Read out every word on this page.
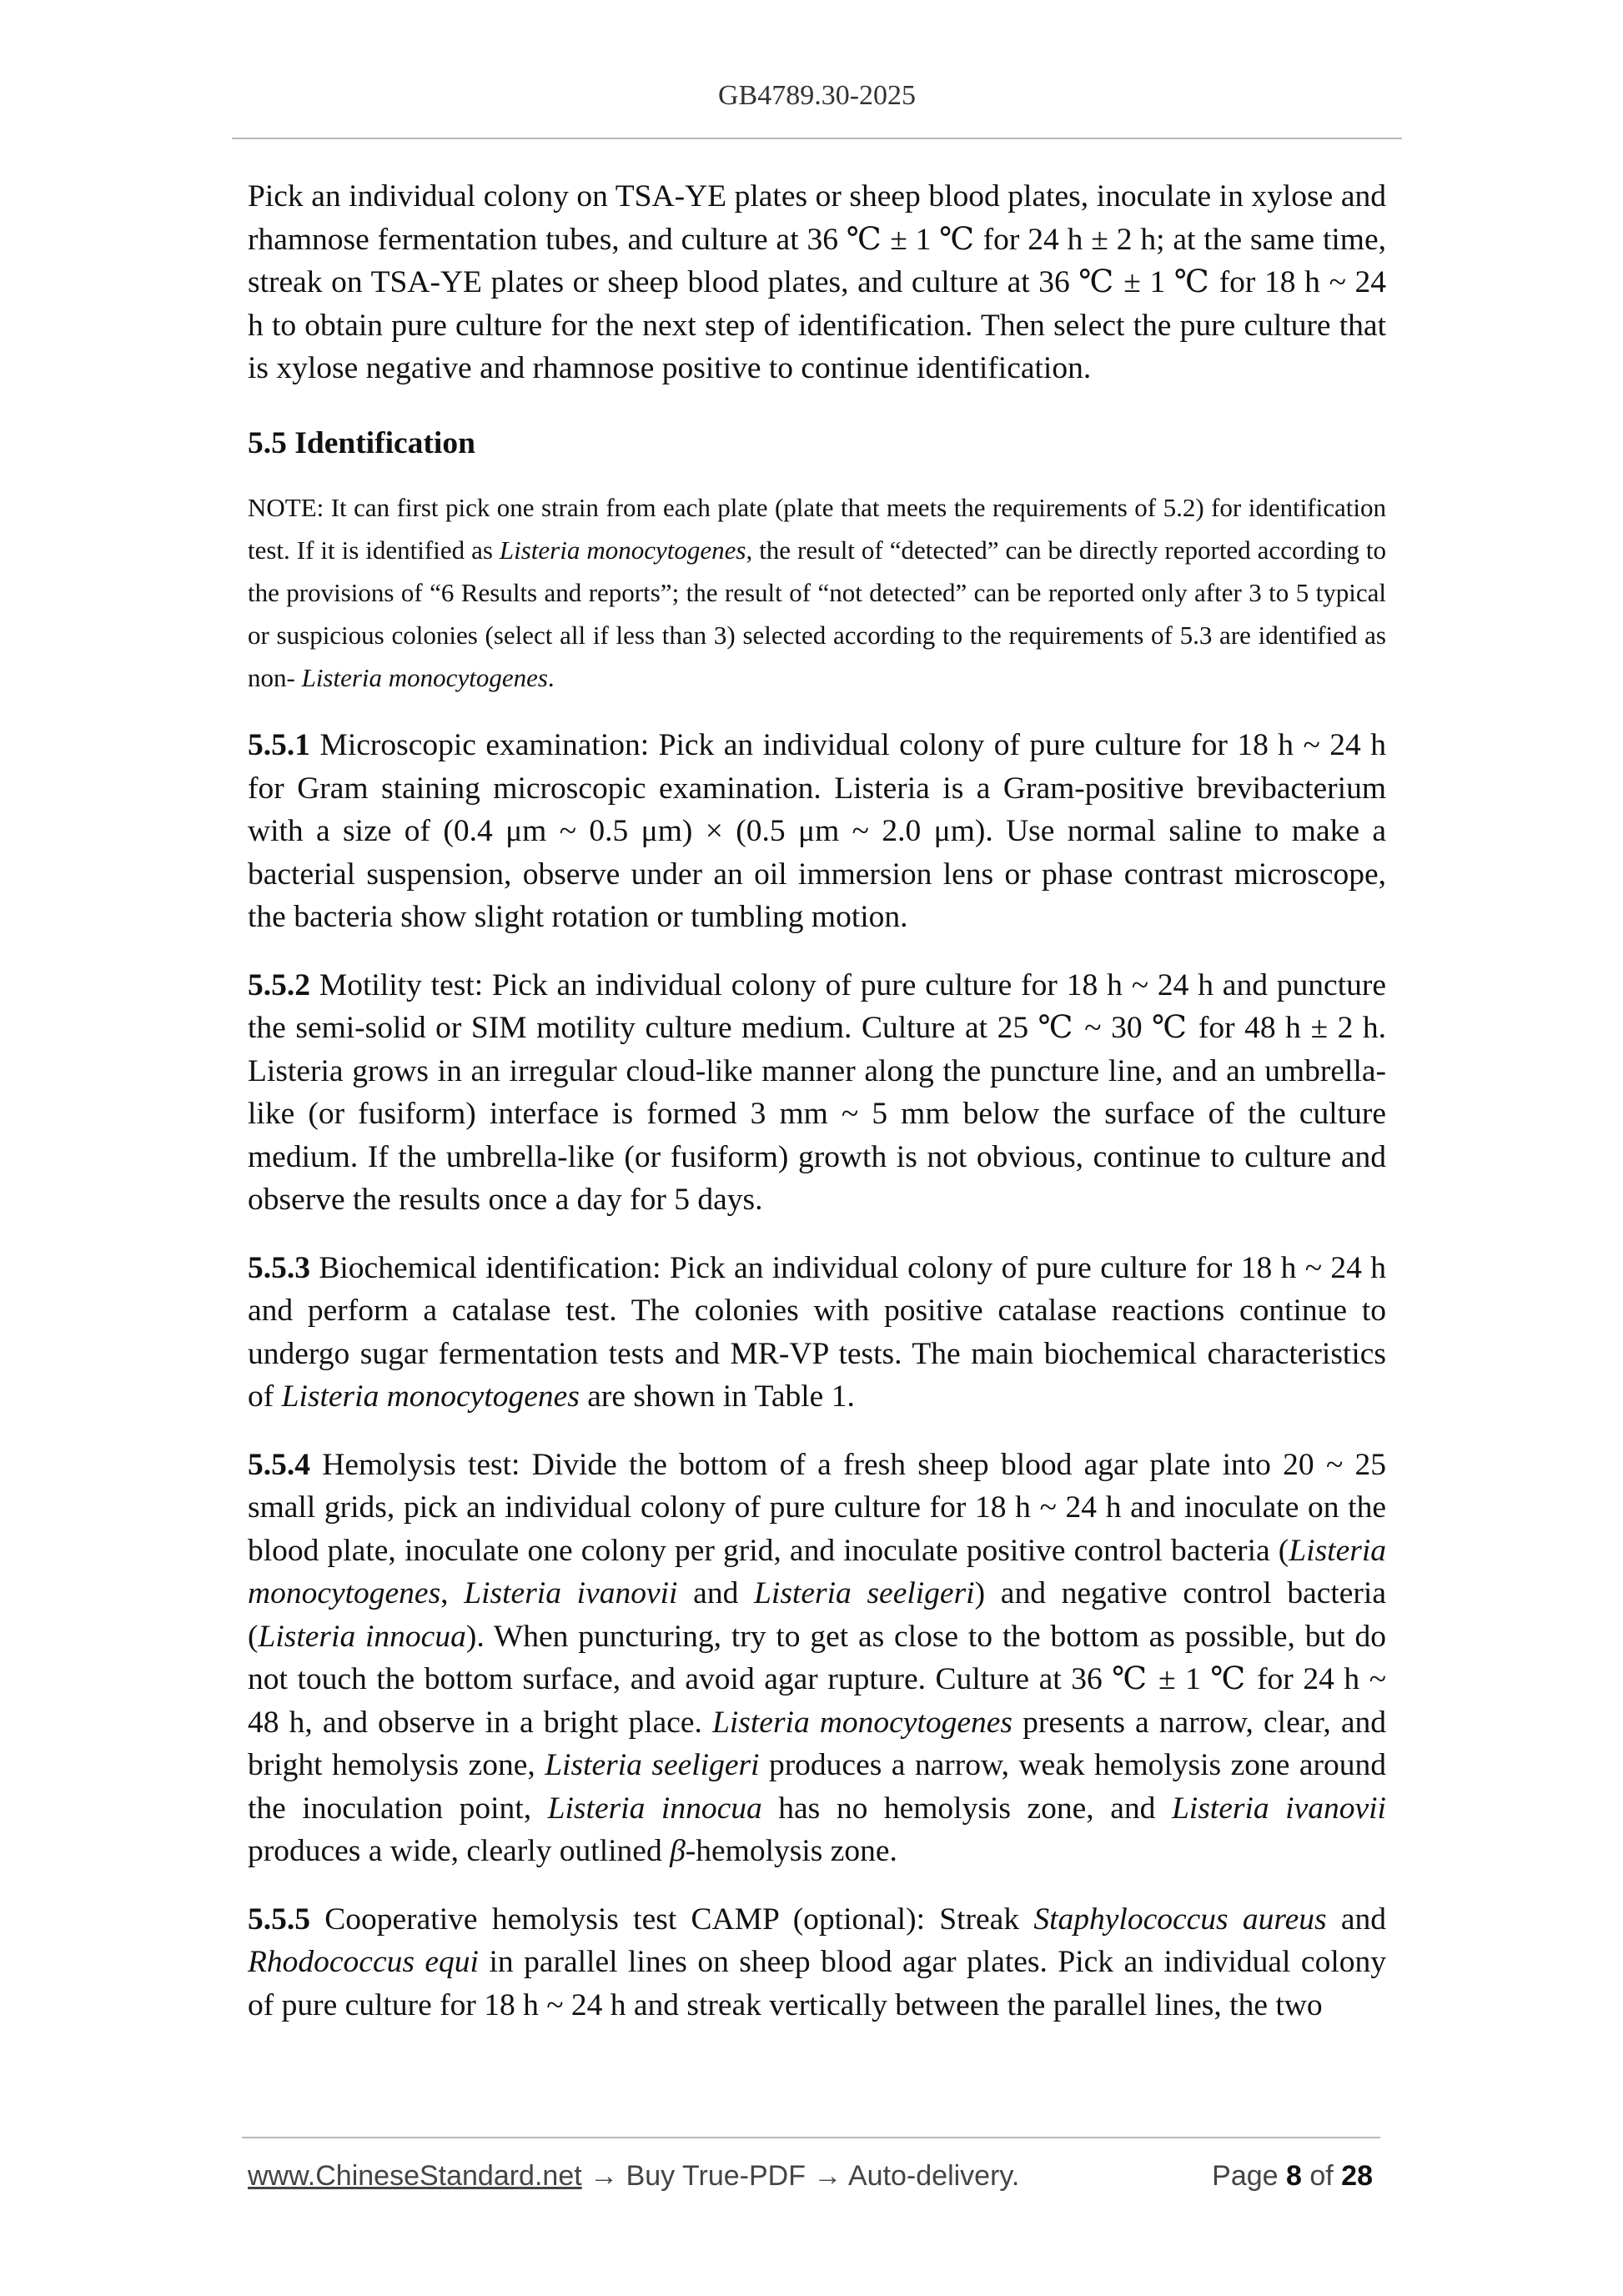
GB4789.30-2025

Pick an individual colony on TSA-YE plates or sheep blood plates, inoculate in xylose and rhamnose fermentation tubes, and culture at 36 ℃ ± 1 ℃ for 24 h ± 2 h; at the same time, streak on TSA-YE plates or sheep blood plates, and culture at 36 ℃ ± 1 ℃ for 18 h ~ 24 h to obtain pure culture for the next step of identification. Then select the pure culture that is xylose negative and rhamnose positive to continue identification.

5.5 Identification

NOTE: It can first pick one strain from each plate (plate that meets the requirements of 5.2) for identification test. If it is identified as Listeria monocytogenes, the result of “detected” can be directly reported according to the provisions of “6 Results and reports”; the result of “not detected” can be reported only after 3 to 5 typical or suspicious colonies (select all if less than 3) selected according to the requirements of 5.3 are identified as non- Listeria monocytogenes.

5.5.1 Microscopic examination: Pick an individual colony of pure culture for 18 h ~ 24 h for Gram staining microscopic examination. Listeria is a Gram-positive brevibacterium with a size of (0.4 μm ~ 0.5 μm) × (0.5 μm ~ 2.0 μm). Use normal saline to make a bacterial suspension, observe under an oil immersion lens or phase contrast microscope, the bacteria show slight rotation or tumbling motion.

5.5.2 Motility test: Pick an individual colony of pure culture for 18 h ~ 24 h and puncture the semi-solid or SIM motility culture medium. Culture at 25 ℃ ~ 30 ℃ for 48 h ± 2 h. Listeria grows in an irregular cloud-like manner along the puncture line, and an umbrella-like (or fusiform) interface is formed 3 mm ~ 5 mm below the surface of the culture medium. If the umbrella-like (or fusiform) growth is not obvious, continue to culture and observe the results once a day for 5 days.

5.5.3 Biochemical identification: Pick an individual colony of pure culture for 18 h ~ 24 h and perform a catalase test. The colonies with positive catalase reactions continue to undergo sugar fermentation tests and MR-VP tests. The main biochemical characteristics of Listeria monocytogenes are shown in Table 1.

5.5.4 Hemolysis test: Divide the bottom of a fresh sheep blood agar plate into 20 ~ 25 small grids, pick an individual colony of pure culture for 18 h ~ 24 h and inoculate on the blood plate, inoculate one colony per grid, and inoculate positive control bacteria (Listeria monocytogenes, Listeria ivanovii and Listeria seeligeri) and negative control bacteria (Listeria innocua). When puncturing, try to get as close to the bottom as possible, but do not touch the bottom surface, and avoid agar rupture. Culture at 36 ℃ ± 1 ℃ for 24 h ~ 48 h, and observe in a bright place. Listeria monocytogenes presents a narrow, clear, and bright hemolysis zone, Listeria seeligeri produces a narrow, weak hemolysis zone around the inoculation point, Listeria innocua has no hemolysis zone, and Listeria ivanovii produces a wide, clearly outlined β-hemolysis zone.

5.5.5 Cooperative hemolysis test CAMP (optional): Streak Staphylococcus aureus and Rhodococcus equi in parallel lines on sheep blood agar plates. Pick an individual colony of pure culture for 18 h ~ 24 h and streak vertically between the parallel lines, the two

www.ChineseStandard.net → Buy True-PDF → Auto-delivery.	Page 8 of 28
